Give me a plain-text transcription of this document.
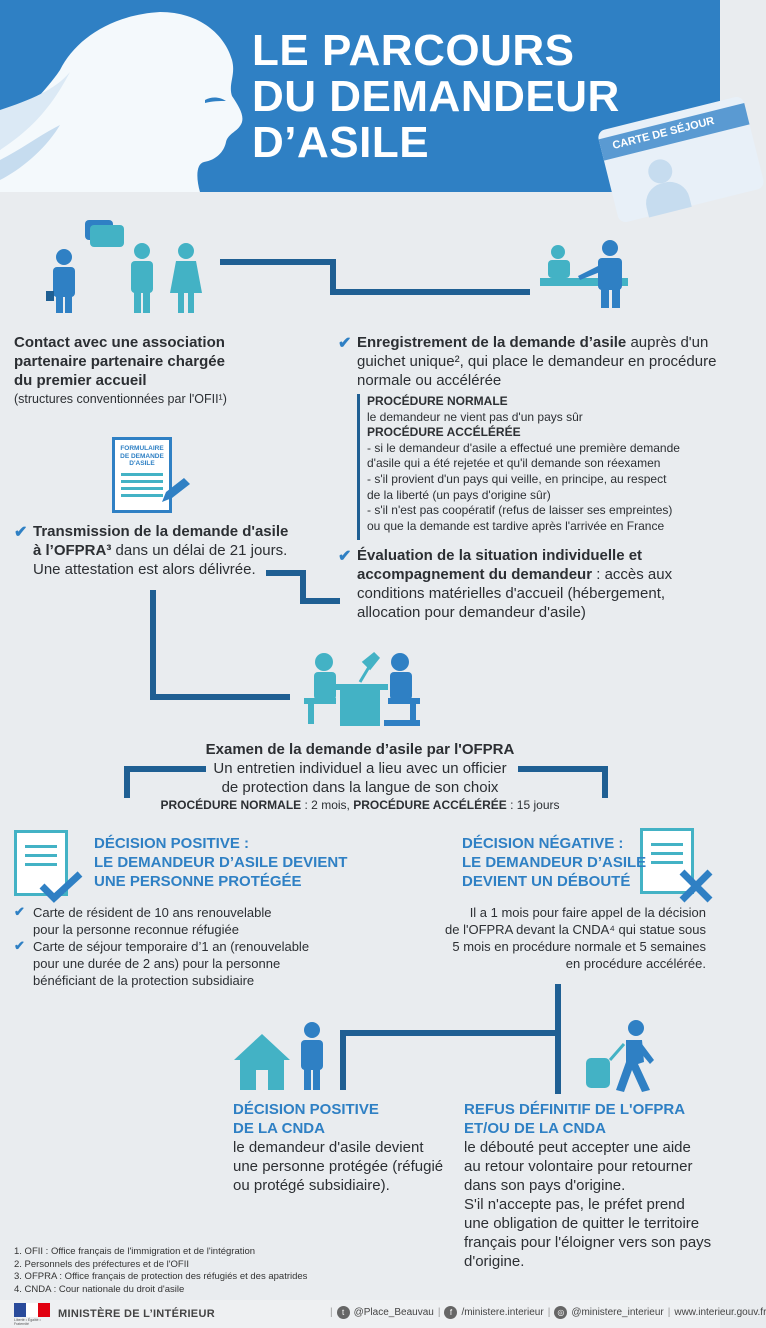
LE PARCOURS
DU DEMANDEUR
D’ASILE	CARTE DE SÉJOUR
FORMULAIRE
DE DEMANDE
D'ASILE
Contact avec une association
partenaire partenaire chargée
du premier accueil
(structures conventionnées par l'OFII¹)
✔ Enregistrement de la demande d’asile auprès d'un
guichet unique², qui place le demandeur en procédure
normale ou accélérée
PROCÉDURE NORMALE
le demandeur ne vient pas d'un pays sûr
PROCÉDURE ACCÉLÉRÉE
- si le demandeur d'asile a effectué une première demande
d'asile qui a été rejetée et qu'il demande son réexamen
- s'il provient d'un pays qui veille, en principe, au respect
de la liberté (un pays d'origine sûr)
- s'il n'est pas coopératif (refus de laisser ses empreintes)
ou que la demande est tardive après l'arrivée en France
✔ Transmission de la demande d'asile
à l’OFPRA³ dans un délai de 21 jours.
Une attestation est alors délivrée.
✔ Évaluation de la situation individuelle et
accompagnement du demandeur : accès aux
conditions matérielles d'accueil (hébergement,
allocation pour demandeur d'asile)
Examen de la demande d’asile par l'OFPRA
Un entretien individuel a lieu avec un officier
de protection dans la langue de son choix
PROCÉDURE NORMALE : 2 mois, PROCÉDURE ACCÉLÉRÉE : 15 jours
DÉCISION POSITIVE :
LE DEMANDEUR D’ASILE DEVIENT
UNE PERSONNE PROTÉGÉE
✔ Carte de résident de 10 ans renouvelable
pour la personne reconnue réfugiée
✔ Carte de séjour temporaire d’1 an (renouvelable
pour une durée de 2 ans) pour la personne
bénéficiant de la protection subsidiaire
DÉCISION NÉGATIVE :
LE DEMANDEUR D’ASILE
DEVIENT UN DÉBOUTÉ
Il a 1 mois pour faire appel de la décision
de l'OFPRA devant la CNDA⁴ qui statue sous
5 mois en procédure normale et 5 semaines
en procédure accélérée.
DÉCISION POSITIVE
DE LA CNDA
le demandeur d'asile devient
une personne protégée (réfugié
ou protégé subsidiaire).
REFUS DÉFINITIF DE L'OFPRA
ET/OU DE LA CNDA
le débouté peut accepter une aide
au retour volontaire pour retourner
dans son pays d'origine.
S'il n'accepte pas, le préfet prend
une obligation de quitter le territoire
français pour l'éloigner vers son pays
d'origine.
1. OFII : Office français de l'immigration et de l'intégration
2. Personnels des préfectures et de l'OFII
3. OFPRA : Office français de protection des réfugiés et des apatrides
4. CNDA : Cour nationale du droit d'asile
Liberté • Égalité • Fraternité
MINISTÈRE DE L’INTÉRIEUR	|	t @Place_Beauvau |	f /ministere.interieur | ◎ @ministere_interieur | www.interieur.gouv.fr
